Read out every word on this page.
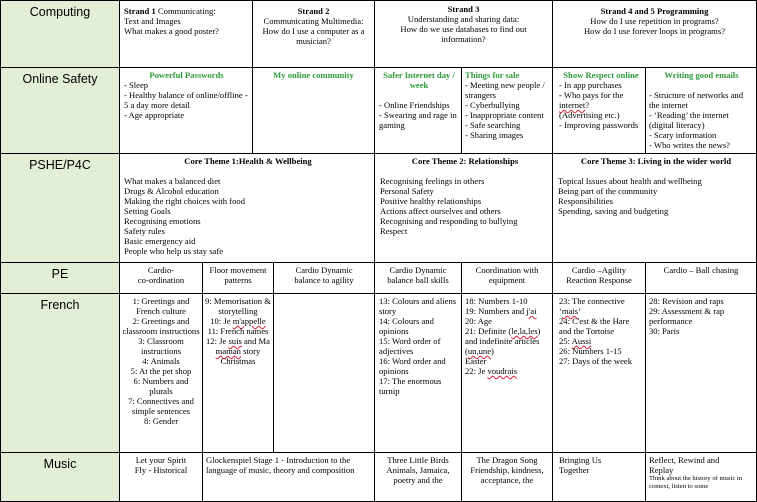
Computing
Online Safety
PSHE/P4C
PE
French
Music
Strand 1 Communicating:
Text and Images
What makes a good poster?
Strand 2
Communicating Multimedia:
How do I use a computer as a musician?
Strand 3
Understanding and sharing data:
How do we use databases to find out information?
Strand 4 and 5 Programming
How do I use repetition in programs?
How do I use forever loops in programs?
Powerful Passwords
- Sleep
- Healthy balance of online/offline - 5 a day more detail
- Age appropriate
My online community	Safer Internet day / week
- Online Friendships
- Swearing and rage in gaming
Things for sale
- Meeting new people / strangers
- Cyberbullying
- Inappropriate content
- Safe searching
- Sharing images
Show Respect online
- In app purchases
- Who pays for the internet?
(Advertising etc.)
- Improving passwords
Writing good emails
- Structure of networks and the internet
- ‘Reading’ the internet (digital literacy)
- Scary information
- Who writes the news?
Core Theme 1:Health & Wellbeing
What makes a balanced diet
Drugs & Alcohol education
Making the right choices with food
Setting Goals
Recognising emotions
Safety rules
Basic emergency aid
People who help us stay safe
Core Theme 2: Relationships
Recognising feelings in others
Personal Safety
Positive healthy relationships
Actions affect ourselves and others
Recognising and responding to bullying
Respect
Core Theme 3: Living in the wider world
Topical Issues about health and wellbeing
Being part of the community
Responsibilities
Spending, saving and budgeting
Cardio-
co-ordination
Floor movement
patterns
Cardio Dynamic
balance to agility
Cardio Dynamic
balance ball skills
Coordination with
equipment
Cardio –Agility
Reaction Response
Cardio – Ball chasing
1: Greetings and French culture
2: Greetings and classroom instructions
3: Classroom instructions
4: Animals
5: At the pet shop
6: Numbers and plurals
7: Connectives and simple sentences
8: Gender
9: Memorisation &
storytelling
10: Je m'appelle
11: French names
12: Je suis and Ma maman story
Christmas
13: Colours and aliens story
14: Colours and opinions
15: Word order of adjectives
16: Word order and opinions
17: The enormous turnip
18: Numbers 1-10
19: Numbers and j'ai
20: Age
21: Definite (le,la,les) and indefinite articles (un,une)
Easter
22: Je voudrais
23: The connective ‘mais’
24: C'est & the Hare and the Tortoise
25: Aussi
26: Numbers 1-15
27: Days of the week
28: Revision and raps
29: Assessment & rap performance
30: Paris
Let your Spirit
Fly - Historical
Glockenspiel Stage 1 - Introduction to the
language of music, theory and composition
Three Little Birds
Animals, Jamaica,
poetry and the
The Dragon Song
Friendship, kindness,
acceptance, the
Bringing Us
Together
Reflect, Rewind and
Replay
Think about the history of music in context, listen to some
